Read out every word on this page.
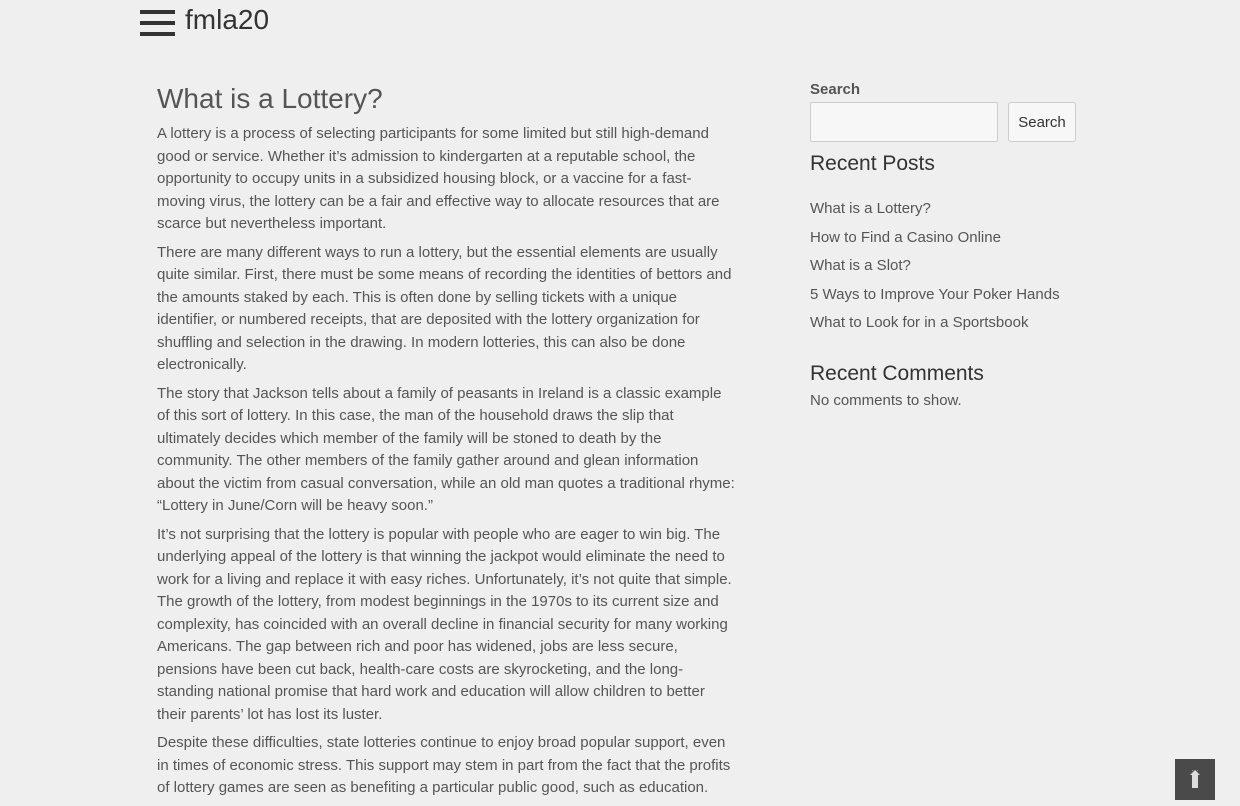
fmla20
What is a Lottery?

A lottery is a process of selecting participants for some limited but still high-demand good or service. Whether it’s admission to kindergarten at a reputable school, the opportunity to occupy units in a subsidized housing block, or a vaccine for a fast-moving virus, the lottery can be a fair and effective way to allocate resources that are scarce but nevertheless important.

There are many different ways to run a lottery, but the essential elements are usually quite similar. First, there must be some means of recording the identities of bettors and the amounts staked by each. This is often done by selling tickets with a unique identifier, or numbered receipts, that are deposited with the lottery organization for shuffling and selection in the drawing. In modern lotteries, this can also be done electronically.

The story that Jackson tells about a family of peasants in Ireland is a classic example of this sort of lottery. In this case, the man of the household draws the slip that ultimately decides which member of the family will be stoned to death by the community. The other members of the family gather around and glean information about the victim from casual conversation, while an old man quotes a traditional rhyme: “Lottery in June/Corn will be heavy soon.”

It’s not surprising that the lottery is popular with people who are eager to win big. The underlying appeal of the lottery is that winning the jackpot would eliminate the need to work for a living and replace it with easy riches. Unfortunately, it’s not quite that simple. The growth of the lottery, from modest beginnings in the 1970s to its current size and complexity, has coincided with an overall decline in financial security for many working Americans. The gap between rich and poor has widened, jobs are less secure, pensions have been cut back, health-care costs are skyrocketing, and the long-standing national promise that hard work and education will allow children to better their parents’ lot has lost its luster.

Despite these difficulties, state lotteries continue to enjoy broad popular support, even in times of economic stress. This support may stem in part from the fact that the profits of lottery games are seen as benefiting a particular public good, such as education.

Search
Search
Recent Posts
What is a Lottery?
How to Find a Casino Online
What is a Slot?
5 Ways to Improve Your Poker Hands
What to Look for in a Sportsbook
Recent Comments

No comments to show.
